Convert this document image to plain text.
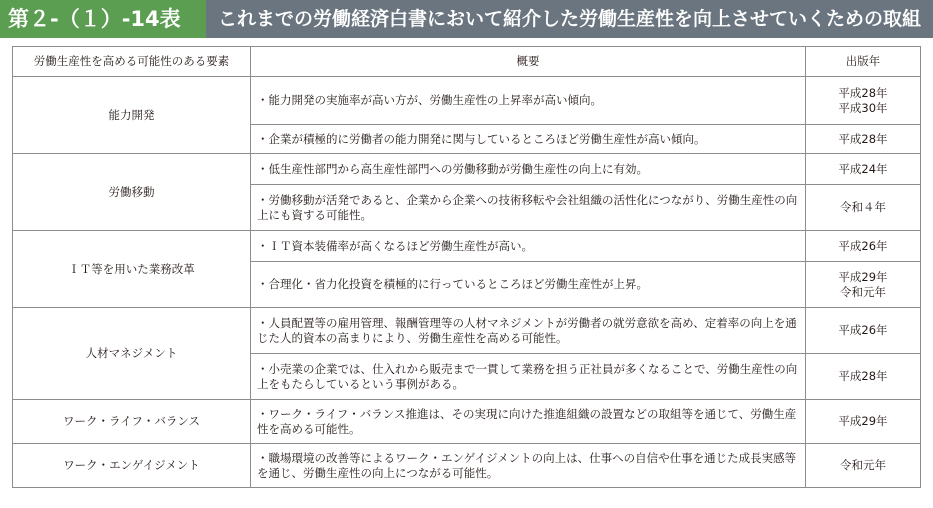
第２-（１）-14表	これまでの労働経済白書において紹介した労働生産性を向上させていくための取組
労働生産性を高める可能性のある要素	概要	出版年
能力開発	・能力開発の実施率が高い方が、労働生産性の上昇率が高い傾向。	平成28年
平成30年

	・企業が積極的に労働者の能力開発に関与しているところほど労働生産性が高い傾向。	平成28年

労働移動	・低生産性部門から高生産性部門への労働移動が労働生産性の向上に有効。	平成24年

	・労働移動が活発であると、企業から企業への技術移転や会社組織の活性化につながり、労働生産性の向上にも資する可能性。	令和４年

ＩＴ等を用いた業務改革	・ＩＴ資本装備率が高くなるほど労働生産性が高い。	平成26年

	・合理化・省力化投資を積極的に行っているところほど労働生産性が上昇。	平成29年
令和元年

人材マネジメント	・人員配置等の雇用管理、報酬管理等の人材マネジメントが労働者の就労意欲を高め、定着率の向上を通じた人的資本の高まりにより、労働生産性を高める可能性。	平成26年

	・小売業の企業では、仕入れから販売まで一貫して業務を担う正社員が多くなることで、労働生産性の向上をもたらしているという事例がある。	平成28年

ワーク・ライフ・バランス	・ワーク・ライフ・バランス推進は、その実現に向けた推進組織の設置などの取組等を通じて、労働生産性を高める可能性。	平成29年

ワーク・エンゲイジメント	・職場環境の改善等によるワーク・エンゲイジメントの向上は、仕事への自信や仕事を通じた成長実感等を通じ、労働生産性の向上につながる可能性。	令和元年
